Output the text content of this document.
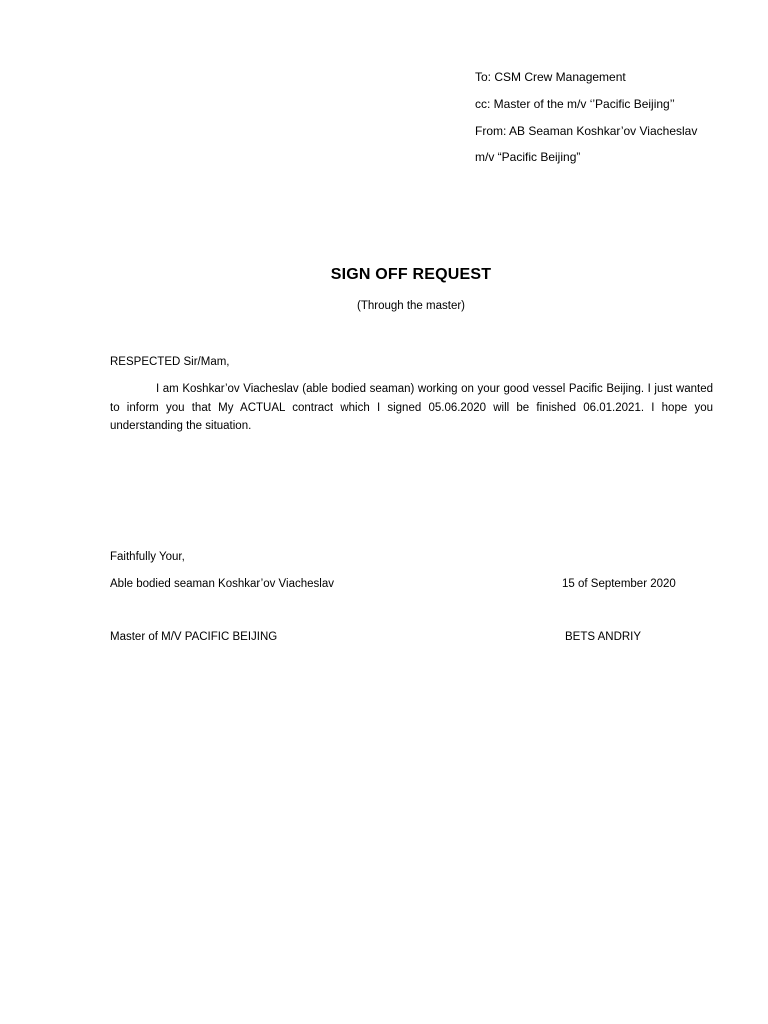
To: CSM Crew Management
cc: Master of the m/v ‘’Pacific Beijing’’
From: AB Seaman Koshkar’ov Viacheslav
m/v “Pacific Beijing”
SIGN OFF REQUEST
(Through the master)
RESPECTED Sir/Mam,
I am Koshkar’ov Viacheslav (able bodied seaman) working on your good vessel Pacific Beijing. I just wanted to inform you that My ACTUAL contract which I signed 05.06.2020 will be finished 06.01.2021. I hope you understanding the situation.
Faithfully Your,
Able bodied seaman Koshkar’ov Viacheslav	15 of September 2020
Master of M/V PACIFIC BEIJING	BETS ANDRIY
